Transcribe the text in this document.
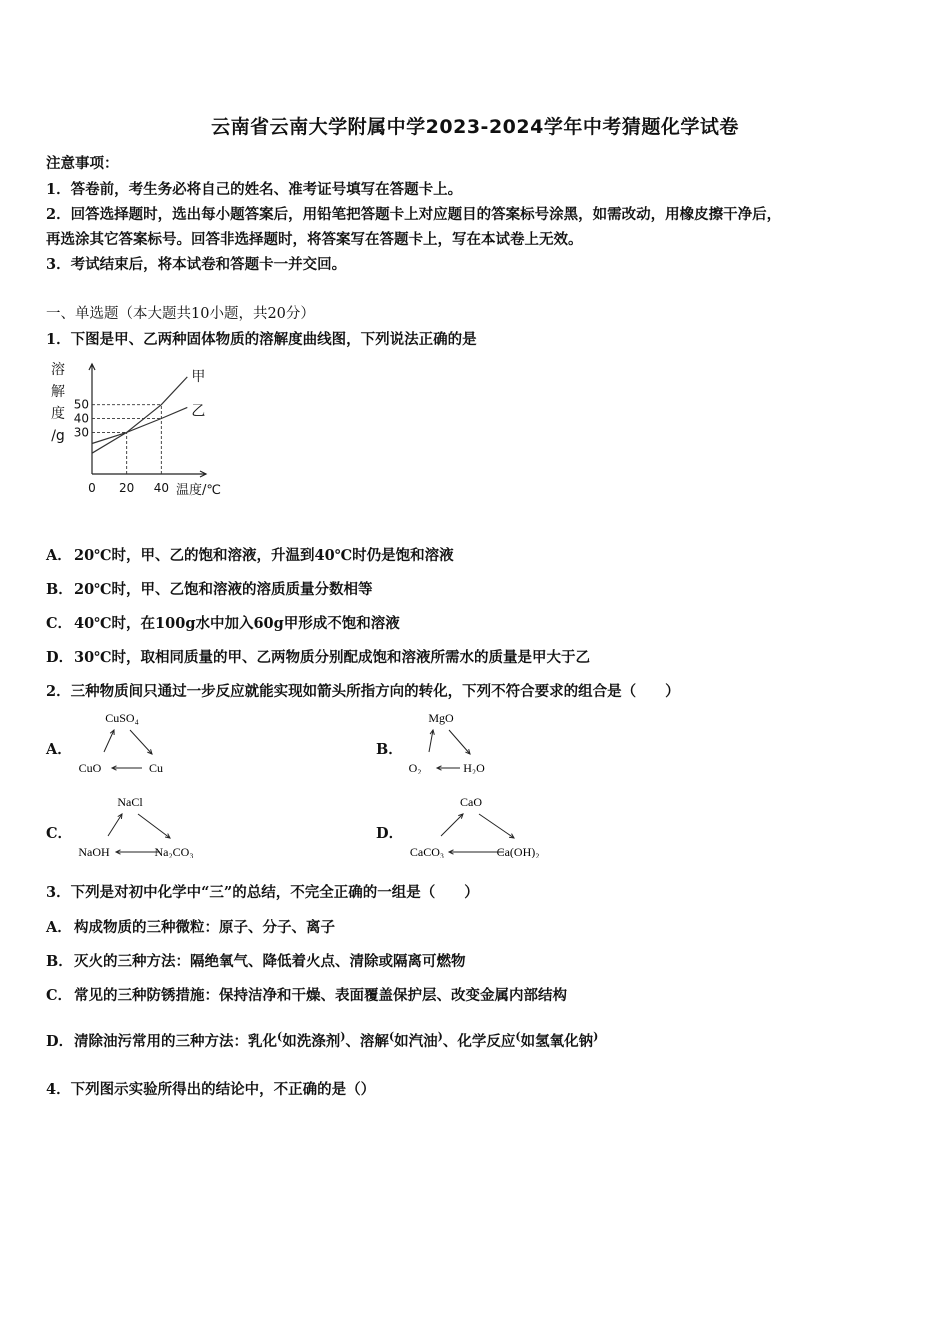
云南省云南大学附属中学2023-2024学年中考猜题化学试卷
注意事项：
1．答卷前，考生务必将自己的姓名、准考证号填写在答题卡上。
2．回答选择题时，选出每小题答案后，用铅笔把答题卡上对应题目的答案标号涂黑，如需改动，用橡皮擦干净后，
再选涂其它答案标号。回答非选择题时，将答案写在答题卡上，写在本试卷上无效。
3．考试结束后，将本试卷和答题卡一并交回。
一、单选题（本大题共10小题，共20分）
1．下图是甲、乙两种固体物质的溶解度曲线图，下列说法正确的是
30
40
50
0 20 40
甲
乙
溶
解
度
/g
温度/℃
A． 20℃时，甲、乙的饱和溶液，升温到40℃时仍是饱和溶液
B．20℃时，甲、乙饱和溶液的溶质质量分数相等
C． 40℃时，在100g水中加入60g甲形成不饱和溶液
D．30℃时，取相同质量的甲、乙两物质分别配成饱和溶液所需水的质量是甲大于乙
2．三种物质间只通过一步反应就能实现如箭头所指方向的转化，下列不符合要求的组合是（　　）
A．
CuSO₄
CuO	Cu
B．
MgO
O₂	H₂O
C．
NaCl
NaOH	Na₂CO₃
D．
CaO
CaCO₃	Ca(OH)₂
3．下列是对初中化学中“三”的总结，不完全正确的一组是（　　）
A． 构成物质的三种微粒：原子、分子、离子
B．灭火的三种方法：隔绝氧气、降低着火点、清除或隔离可燃物
C． 常见的三种防锈措施：保持洁净和干燥、表面覆盖保护层、改变金属内部结构
D．清除油污常用的三种方法：乳化(如洗涤剂)、溶解(如汽油)、化学反应(如氢氧化钠)
4．下列图示实验所得出的结论中，不正确的是（）
